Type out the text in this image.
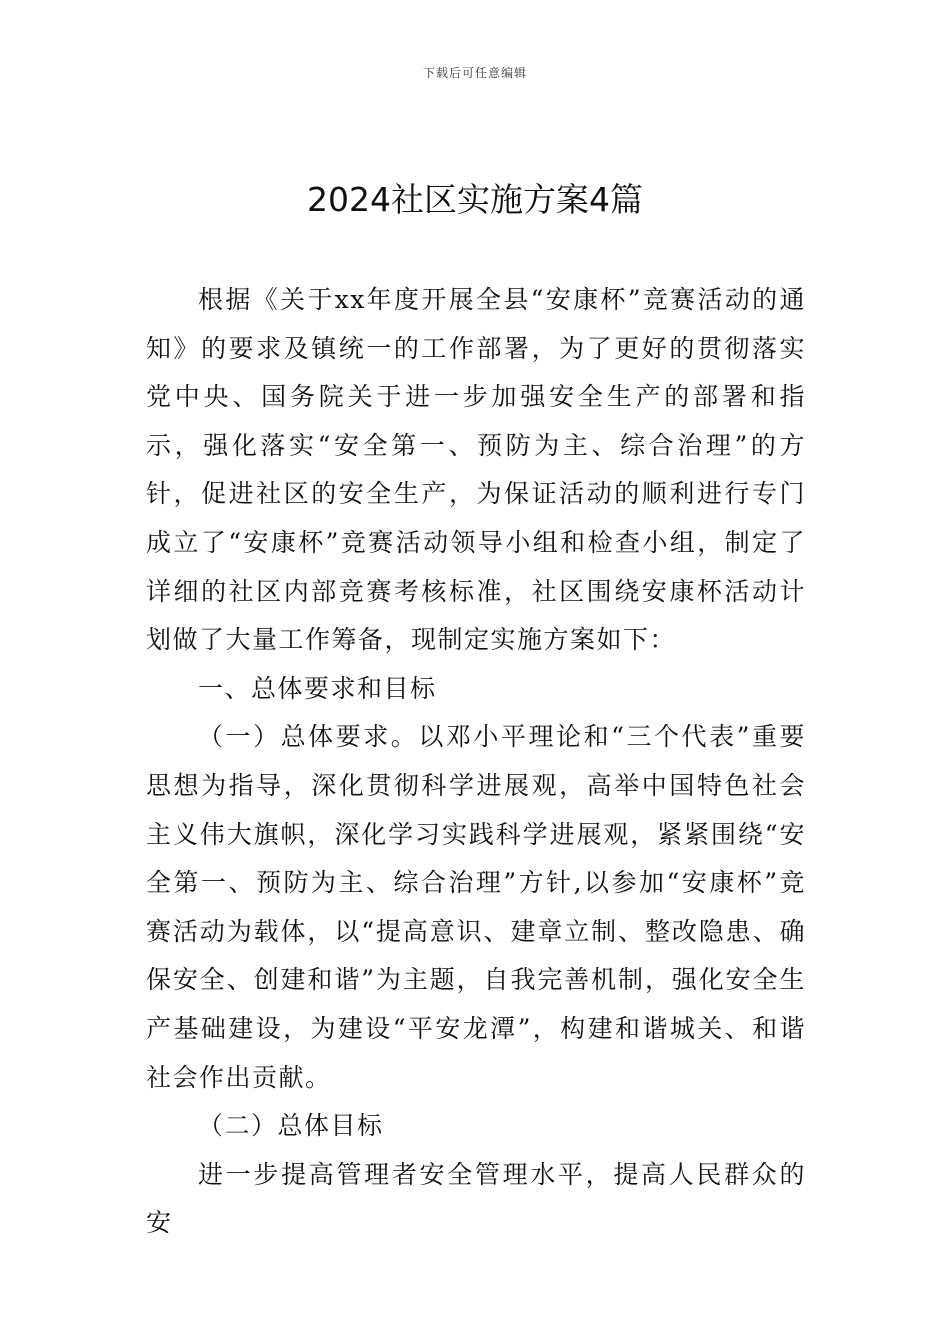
下载后可任意编辑
2024社区实施方案4篇

根据《关于xx年度开展全县“安康杯”竞赛活动的通知》的要求及镇统一的工作部署，为了更好的贯彻落实党中央、国务院关于进一步加强安全生产的部署和指示，强化落实“安全第一、预防为主、综合治理”的方针，促进社区的安全生产，为保证活动的顺利进行专门成立了“安康杯”竞赛活动领导小组和检查小组，制定了详细的社区内部竞赛考核标准，社区围绕安康杯活动计划做了大量工作筹备，现制定实施方案如下：

一、总体要求和目标

（一）总体要求。以邓小平理论和“三个代表”重要思想为指导，深化贯彻科学进展观，高举中国特色社会主义伟大旗帜，深化学习实践科学进展观，紧紧围绕“安全第一、预防为主、综合治理”方针,以参加“安康杯”竞赛活动为载体，以“提高意识、建章立制、整改隐患、确保安全、创建和谐”为主题，自我完善机制，强化安全生产基础建设，为建设“平安龙潭”，构建和谐城关、和谐社会作出贡献。

（二）总体目标

进一步提高管理者安全管理水平，提高人民群众的安
